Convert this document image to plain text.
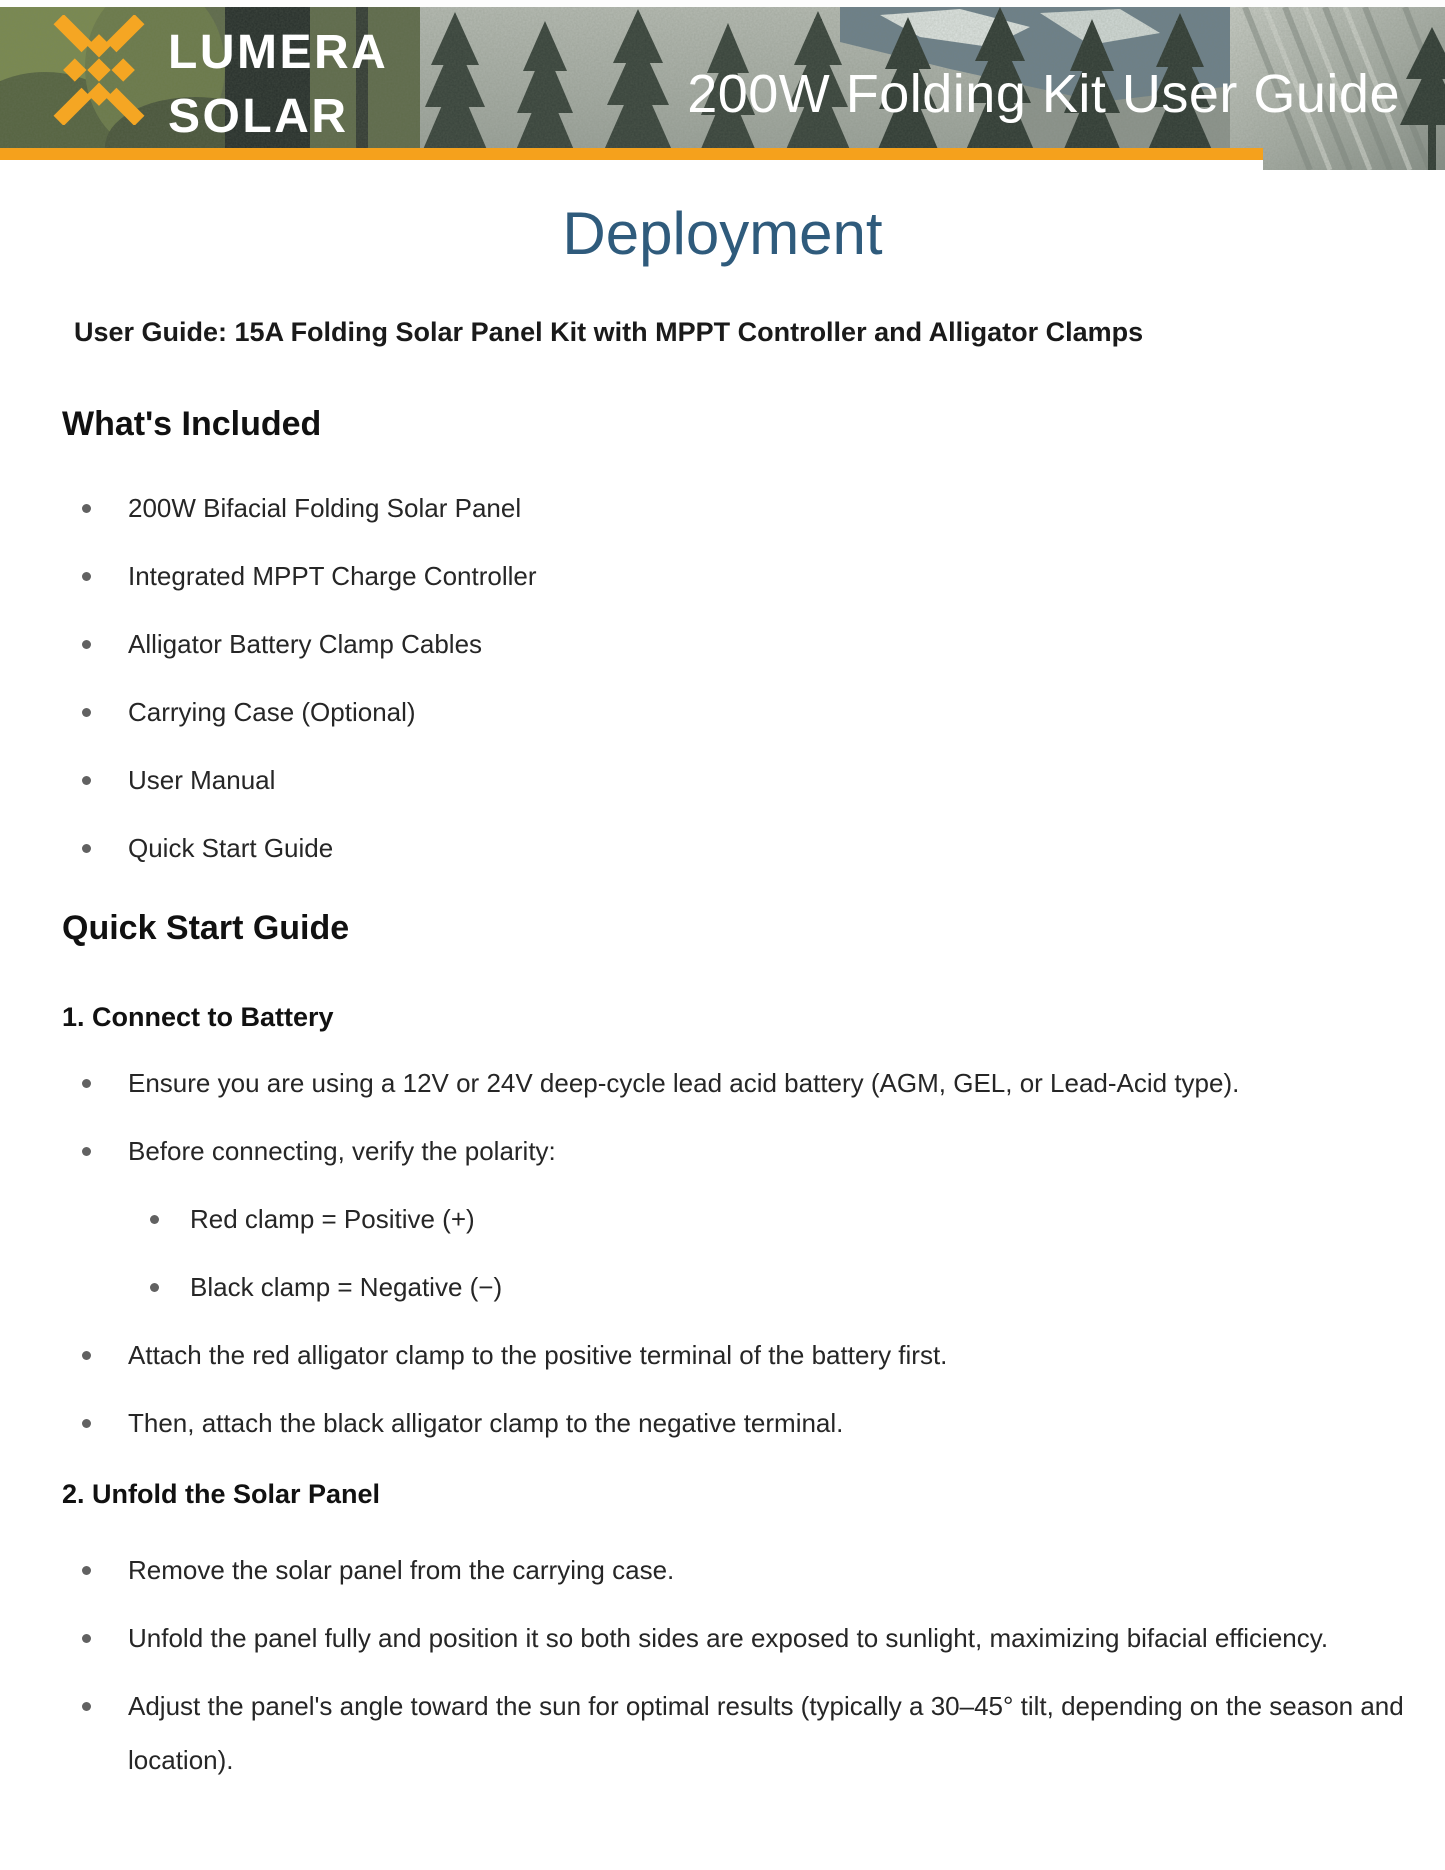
LUMERA
SOLAR	200W Folding Kit User Guide
Deployment
User Guide: 15A Folding Solar Panel Kit with MPPT Controller and Alligator Clamps
What's Included
200W Bifacial Folding Solar Panel
Integrated MPPT Charge Controller
Alligator Battery Clamp Cables
Carrying Case (Optional)
User Manual
Quick Start Guide
Quick Start Guide
1. Connect to Battery
Ensure you are using a 12V or 24V deep-cycle lead acid battery (AGM, GEL, or Lead-Acid type).
Before connecting, verify the polarity:
Red clamp = Positive (+)
Black clamp = Negative (−)
Attach the red alligator clamp to the positive terminal of the battery first.
Then, attach the black alligator clamp to the negative terminal.
2. Unfold the Solar Panel
Remove the solar panel from the carrying case.
Unfold the panel fully and position it so both sides are exposed to sunlight, maximizing bifacial efficiency.
Adjust the panel's angle toward the sun for optimal results (typically a 30–45° tilt, depending on the season and location).
